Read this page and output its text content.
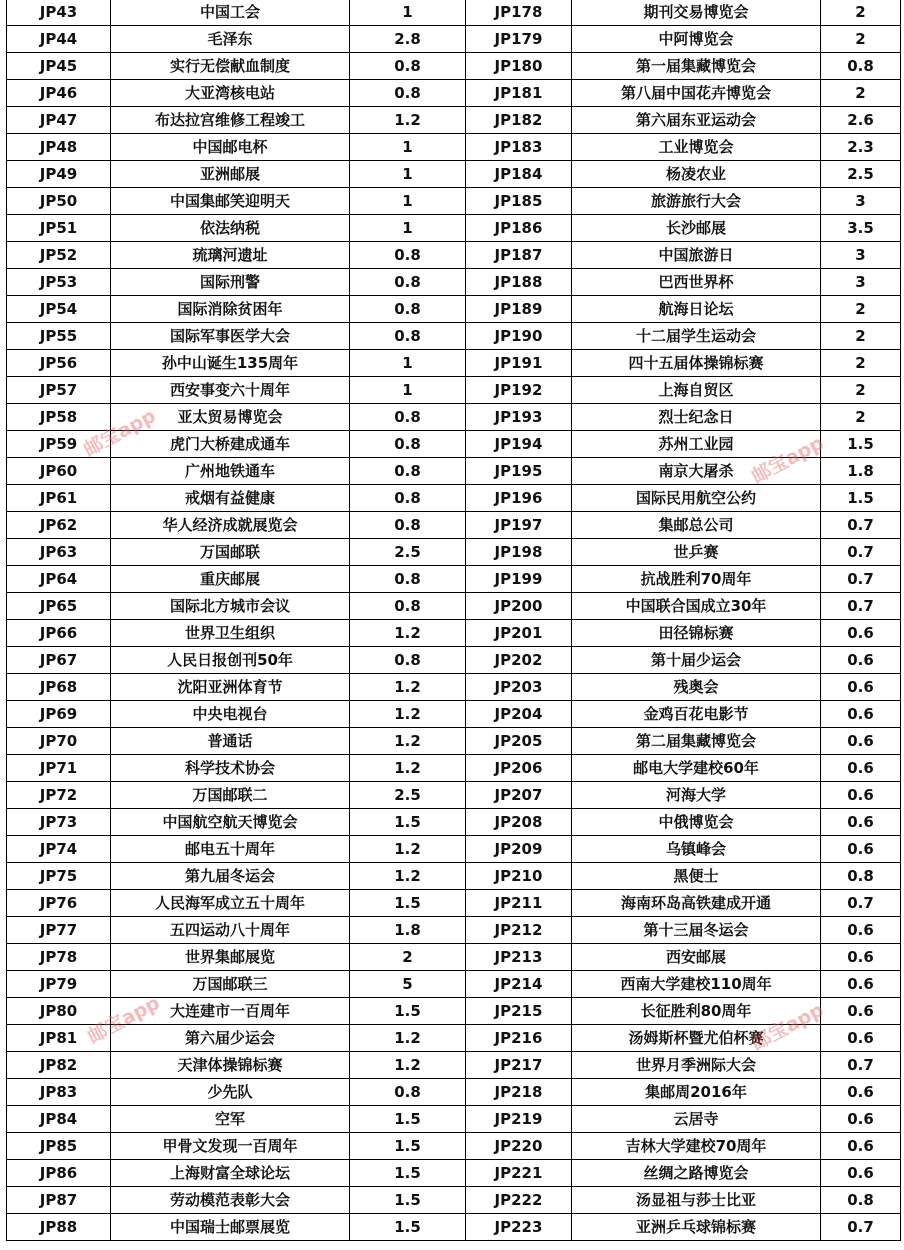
JP43	中国工会	1	JP178	期刊交易博览会	2
JP44	毛泽东	2.8	JP179	中阿博览会	2
JP45	实行无偿献血制度	0.8	JP180	第一届集藏博览会	0.8
JP46	大亚湾核电站	0.8	JP181	第八届中国花卉博览会	2
JP47	布达拉宫维修工程竣工	1.2	JP182	第六届东亚运动会	2.6
JP48	中国邮电杯	1	JP183	工业博览会	2.3
JP49	亚洲邮展	1	JP184	杨凌农业	2.5
JP50	中国集邮笑迎明天	1	JP185	旅游旅行大会	3
JP51	依法纳税	1	JP186	长沙邮展	3.5
JP52	琉璃河遗址	0.8	JP187	中国旅游日	3
JP53	国际刑警	0.8	JP188	巴西世界杯	3
JP54	国际消除贫困年	0.8	JP189	航海日论坛	2
JP55	国际军事医学大会	0.8	JP190	十二届学生运动会	2
JP56	孙中山诞生135周年	1	JP191	四十五届体操锦标赛	2
JP57	西安事变六十周年	1	JP192	上海自贸区	2
JP58	亚太贸易博览会	0.8	JP193	烈士纪念日	2
JP59	虎门大桥建成通车	0.8	JP194	苏州工业园	1.5
JP60	广州地铁通车	0.8	JP195	南京大屠杀	1.8
JP61	戒烟有益健康	0.8	JP196	国际民用航空公约	1.5
JP62	华人经济成就展览会	0.8	JP197	集邮总公司	0.7
JP63	万国邮联	2.5	JP198	世乒赛	0.7
JP64	重庆邮展	0.8	JP199	抗战胜利70周年	0.7
JP65	国际北方城市会议	0.8	JP200	中国联合国成立30年	0.7
JP66	世界卫生组织	1.2	JP201	田径锦标赛	0.6
JP67	人民日报创刊50年	0.8	JP202	第十届少运会	0.6
JP68	沈阳亚洲体育节	1.2	JP203	残奥会	0.6
JP69	中央电视台	1.2	JP204	金鸡百花电影节	0.6
JP70	普通话	1.2	JP205	第二届集藏博览会	0.6
JP71	科学技术协会	1.2	JP206	邮电大学建校60年	0.6
JP72	万国邮联二	2.5	JP207	河海大学	0.6
JP73	中国航空航天博览会	1.5	JP208	中俄博览会	0.6
JP74	邮电五十周年	1.2	JP209	乌镇峰会	0.6
JP75	第九届冬运会	1.2	JP210	黑便士	0.8
JP76	人民海军成立五十周年	1.5	JP211	海南环岛高铁建成开通	0.7
JP77	五四运动八十周年	1.8	JP212	第十三届冬运会	0.6
JP78	世界集邮展览	2	JP213	西安邮展	0.6
JP79	万国邮联三	5	JP214	西南大学建校110周年	0.6
JP80	大连建市一百周年	1.5	JP215	长征胜利80周年	0.6
JP81	第六届少运会	1.2	JP216	汤姆斯杯暨尤伯杯赛	0.6
JP82	天津体操锦标赛	1.2	JP217	世界月季洲际大会	0.7
JP83	少先队	0.8	JP218	集邮周2016年	0.6
JP84	空军	1.5	JP219	云居寺	0.6
JP85	甲骨文发现一百周年	1.5	JP220	吉林大学建校70周年	0.6
JP86	上海财富全球论坛	1.5	JP221	丝绸之路博览会	0.6
JP87	劳动模范表彰大会	1.5	JP222	汤显祖与莎士比亚	0.8
JP88	中国瑞士邮票展览	1.5	JP223	亚洲乒乓球锦标赛	0.7
邮宝app	邮宝app
邮宝app	邮宝app
